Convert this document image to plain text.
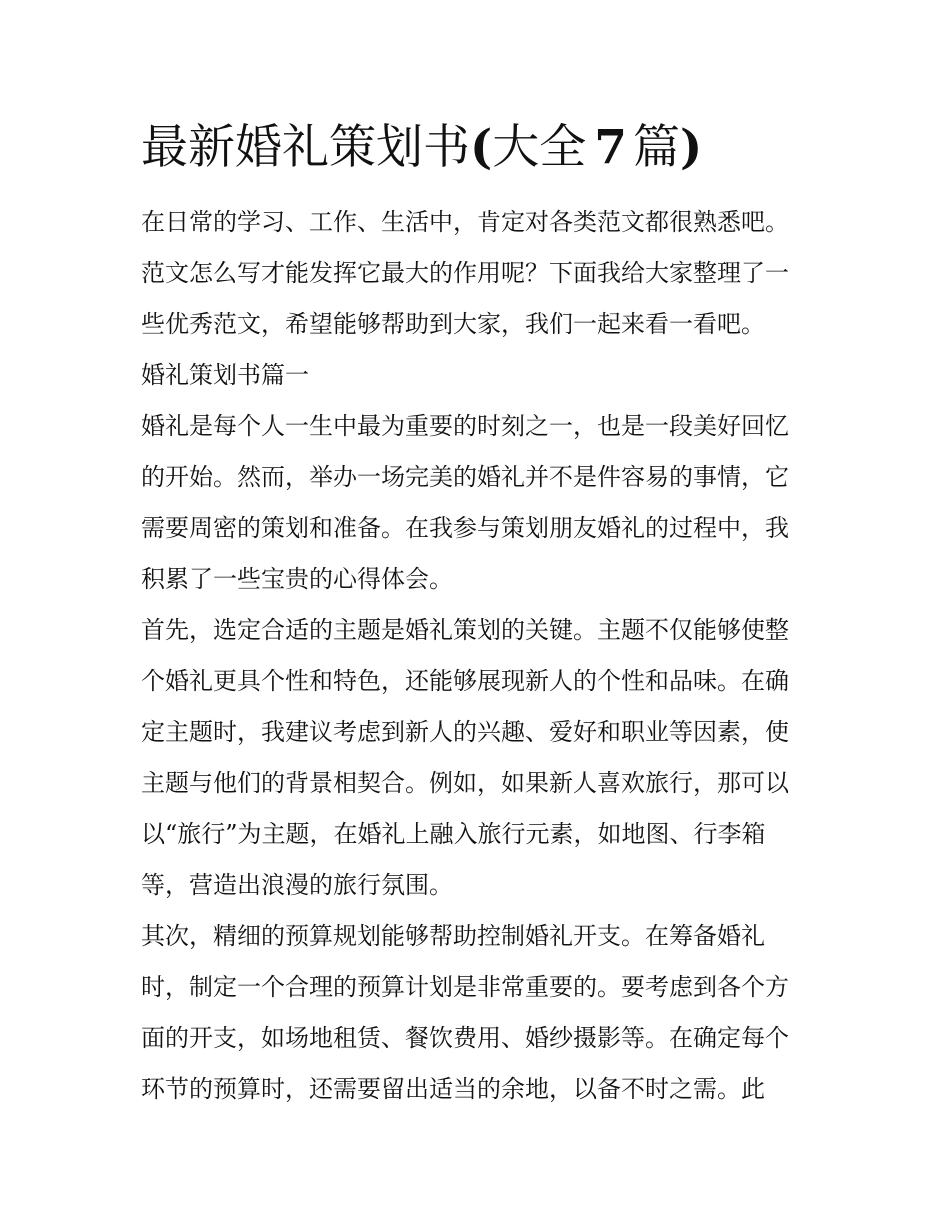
最新婚礼策划书(大全 7 篇)

在日常的学习、工作、生活中，肯定对各类范文都很熟悉吧。

范文怎么写才能发挥它最大的作用呢？下面我给大家整理了一

些优秀范文，希望能够帮助到大家，我们一起来看一看吧。

婚礼策划书篇一

婚礼是每个人一生中最为重要的时刻之一，也是一段美好回忆

的开始。然而，举办一场完美的婚礼并不是件容易的事情，它

需要周密的策划和准备。在我参与策划朋友婚礼的过程中，我

积累了一些宝贵的心得体会。

首先，选定合适的主题是婚礼策划的关键。主题不仅能够使整

个婚礼更具个性和特色，还能够展现新人的个性和品味。在确

定主题时，我建议考虑到新人的兴趣、爱好和职业等因素，使

主题与他们的背景相契合。例如，如果新人喜欢旅行，那可以

以“旅行”为主题，在婚礼上融入旅行元素，如地图、行李箱

等，营造出浪漫的旅行氛围。

其次，精细的预算规划能够帮助控制婚礼开支。在筹备婚礼

时，制定一个合理的预算计划是非常重要的。要考虑到各个方

面的开支，如场地租赁、餐饮费用、婚纱摄影等。在确定每个

环节的预算时，还需要留出适当的余地，以备不时之需。此
